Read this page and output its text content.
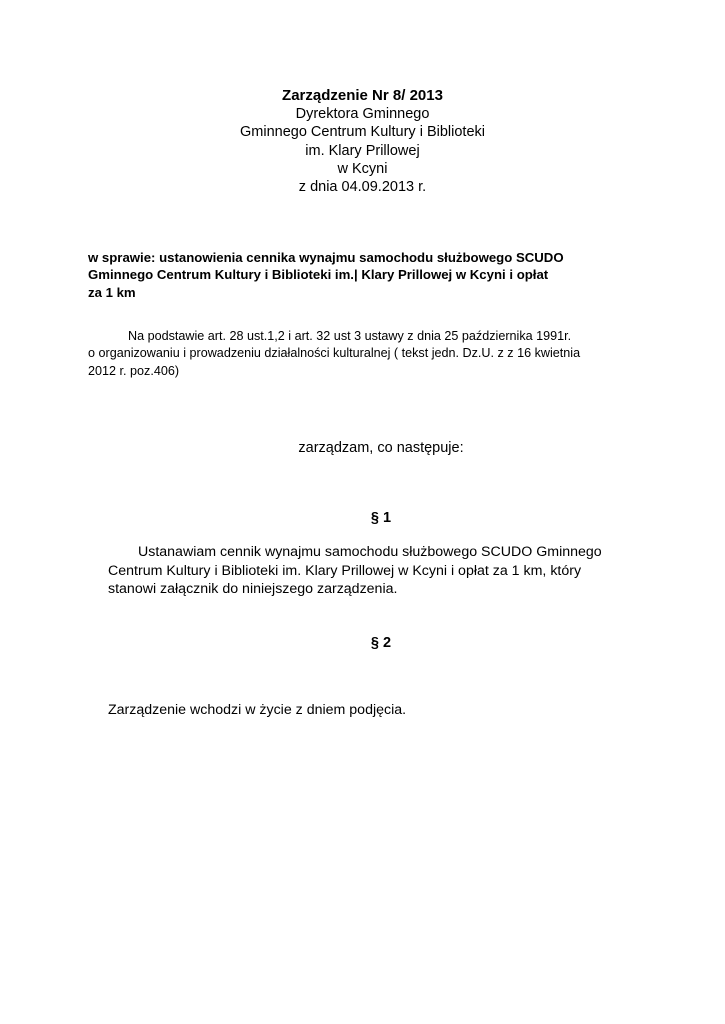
Zarządzenie Nr 8/ 2013
Dyrektora Gminnego
Gminnego Centrum Kultury i Biblioteki
im. Klary Prillowej
w Kcyni
z dnia 04.09.2013 r.
w sprawie: ustanowienia cennika wynajmu samochodu służbowego SCUDO
Gminnego Centrum Kultury i Biblioteki im.| Klary Prillowej w Kcyni i opłat
za 1 km
Na podstawie art. 28 ust.1,2 i art. 32 ust 3 ustawy z dnia 25 października 1991r.
o organizowaniu i prowadzeniu działalności kulturalnej ( tekst jedn. Dz.U. z z 16 kwietnia
2012 r. poz.406)
zarządzam, co następuje:
§ 1
Ustanawiam cennik wynajmu samochodu służbowego SCUDO Gminnego
Centrum Kultury i Biblioteki im. Klary Prillowej w Kcyni i opłat za 1 km, który
stanowi załącznik do niniejszego zarządzenia.
§ 2
Zarządzenie wchodzi w życie z dniem podjęcia.
